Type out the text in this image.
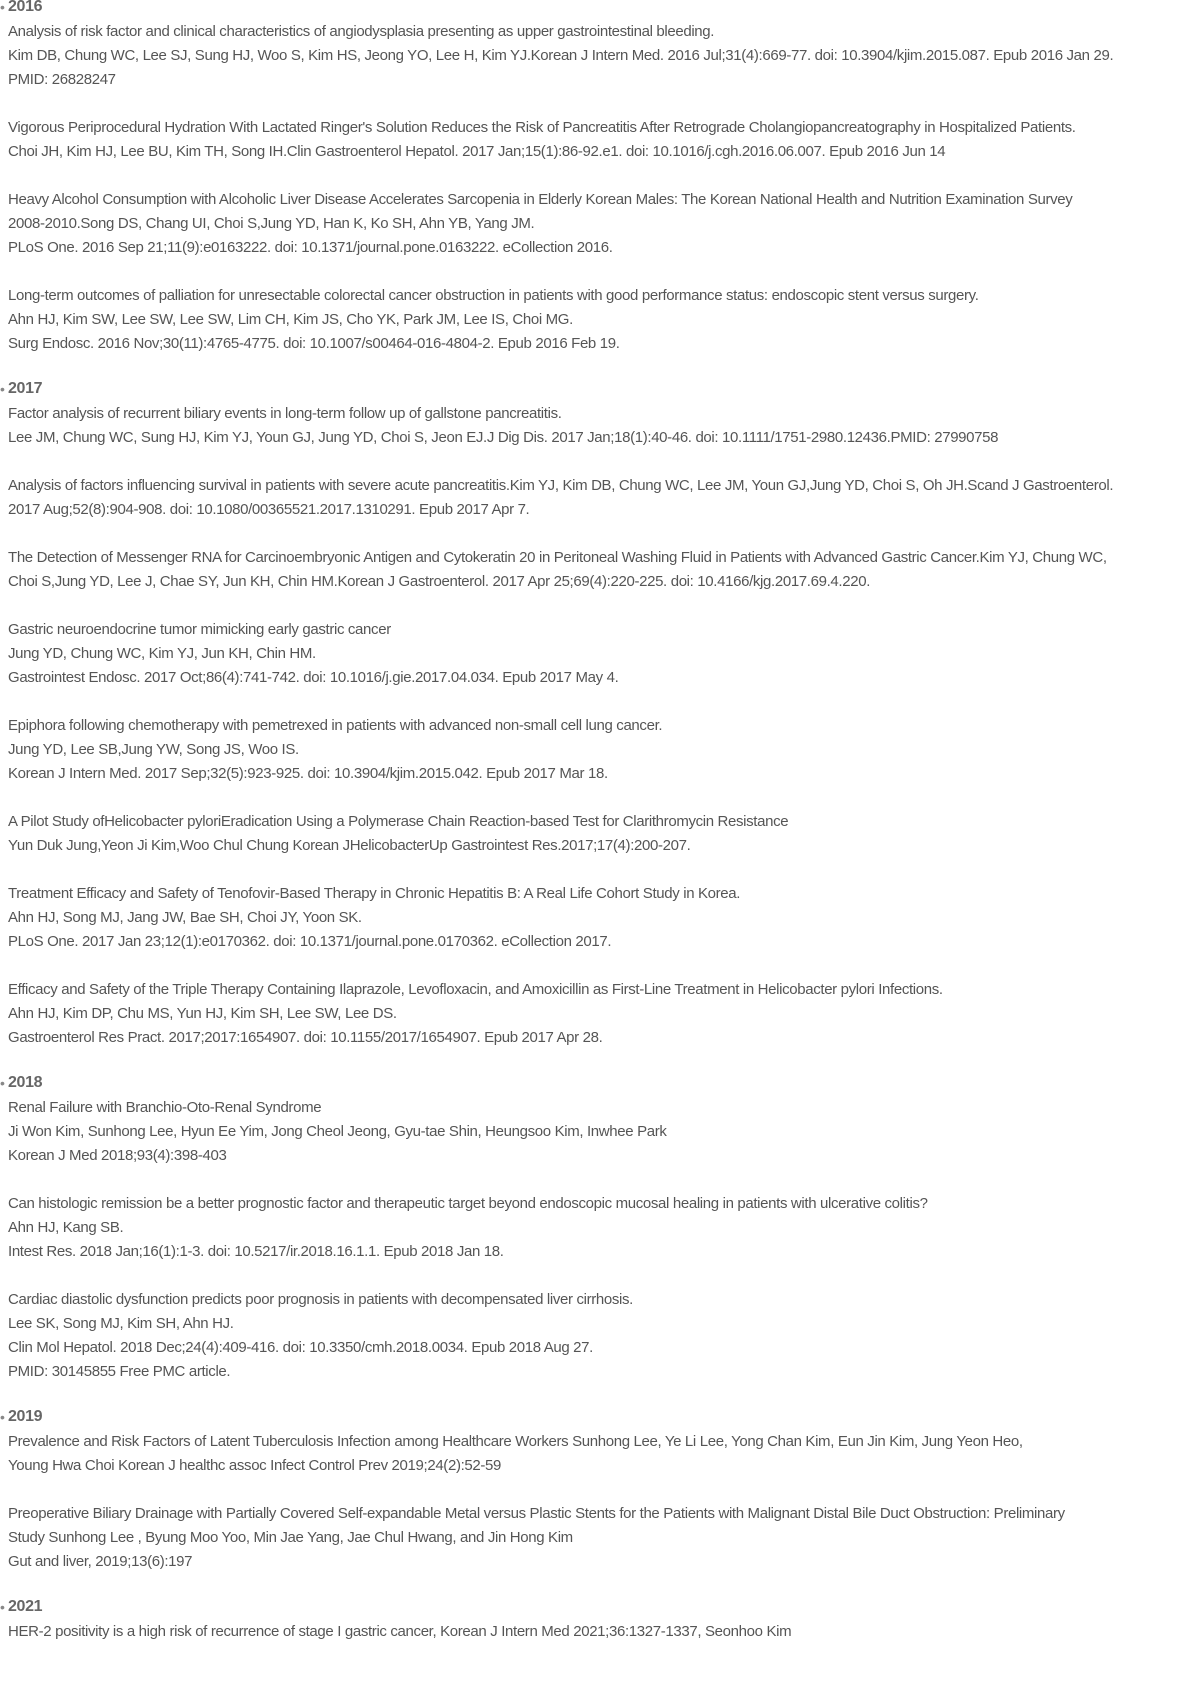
• 2016
Analysis of risk factor and clinical characteristics of angiodysplasia presenting as upper gastrointestinal bleeding.
Kim DB, Chung WC, Lee SJ, Sung HJ, Woo S, Kim HS, Jeong YO, Lee H, Kim YJ.Korean J Intern Med. 2016 Jul;31(4):669-77. doi: 10.3904/kjim.2015.087. Epub 2016 Jan 29.
PMID: 26828247
Vigorous Periprocedural Hydration With Lactated Ringer's Solution Reduces the Risk of Pancreatitis After Retrograde Cholangiopancreatography in Hospitalized Patients.
Choi JH, Kim HJ, Lee BU, Kim TH, Song IH.Clin Gastroenterol Hepatol. 2017 Jan;15(1):86-92.e1. doi: 10.1016/j.cgh.2016.06.007. Epub 2016 Jun 14
Heavy Alcohol Consumption with Alcoholic Liver Disease Accelerates Sarcopenia in Elderly Korean Males: The Korean National Health and Nutrition Examination Survey
2008-2010.Song DS, Chang UI, Choi S,Jung YD, Han K, Ko SH, Ahn YB, Yang JM.
PLoS One. 2016 Sep 21;11(9):e0163222. doi: 10.1371/journal.pone.0163222. eCollection 2016.
Long-term outcomes of palliation for unresectable colorectal cancer obstruction in patients with good performance status: endoscopic stent versus surgery.
Ahn HJ, Kim SW, Lee SW, Lee SW, Lim CH, Kim JS, Cho YK, Park JM, Lee IS, Choi MG.
Surg Endosc. 2016 Nov;30(11):4765-4775. doi: 10.1007/s00464-016-4804-2. Epub 2016 Feb 19.
• 2017
Factor analysis of recurrent biliary events in long-term follow up of gallstone pancreatitis.
Lee JM, Chung WC, Sung HJ, Kim YJ, Youn GJ, Jung YD, Choi S, Jeon EJ.J Dig Dis. 2017 Jan;18(1):40-46. doi: 10.1111/1751-2980.12436.PMID: 27990758
Analysis of factors influencing survival in patients with severe acute pancreatitis.Kim YJ, Kim DB, Chung WC, Lee JM, Youn GJ,Jung YD, Choi S, Oh JH.Scand J Gastroenterol.
2017 Aug;52(8):904-908. doi: 10.1080/00365521.2017.1310291. Epub 2017 Apr 7.
The Detection of Messenger RNA for Carcinoembryonic Antigen and Cytokeratin 20 in Peritoneal Washing Fluid in Patients with Advanced Gastric Cancer.Kim YJ, Chung WC,
Choi S,Jung YD, Lee J, Chae SY, Jun KH, Chin HM.Korean J Gastroenterol. 2017 Apr 25;69(4):220-225. doi: 10.4166/kjg.2017.69.4.220.
Gastric neuroendocrine tumor mimicking early gastric cancer
Jung YD, Chung WC, Kim YJ, Jun KH, Chin HM.
Gastrointest Endosc. 2017 Oct;86(4):741-742. doi: 10.1016/j.gie.2017.04.034. Epub 2017 May 4.
Epiphora following chemotherapy with pemetrexed in patients with advanced non-small cell lung cancer.
Jung YD, Lee SB,Jung YW, Song JS, Woo IS.
Korean J Intern Med. 2017 Sep;32(5):923-925. doi: 10.3904/kjim.2015.042. Epub 2017 Mar 18.
A Pilot Study ofHelicobacter pyloriEradication Using a Polymerase Chain Reaction-based Test for Clarithromycin Resistance
Yun Duk Jung,Yeon Ji Kim,Woo Chul Chung Korean JHelicobacterUp Gastrointest Res.2017;17(4):200-207.
Treatment Efficacy and Safety of Tenofovir-Based Therapy in Chronic Hepatitis B: A Real Life Cohort Study in Korea.
Ahn HJ, Song MJ, Jang JW, Bae SH, Choi JY, Yoon SK.
PLoS One. 2017 Jan 23;12(1):e0170362. doi: 10.1371/journal.pone.0170362. eCollection 2017.
Efficacy and Safety of the Triple Therapy Containing Ilaprazole, Levofloxacin, and Amoxicillin as First-Line Treatment in Helicobacter pylori Infections.
Ahn HJ, Kim DP, Chu MS, Yun HJ, Kim SH, Lee SW, Lee DS.
Gastroenterol Res Pract. 2017;2017:1654907. doi: 10.1155/2017/1654907. Epub 2017 Apr 28.
• 2018
Renal Failure with Branchio-Oto-Renal Syndrome
Ji Won Kim, Sunhong Lee, Hyun Ee Yim, Jong Cheol Jeong, Gyu-tae Shin, Heungsoo Kim, Inwhee Park
Korean J Med 2018;93(4):398-403
Can histologic remission be a better prognostic factor and therapeutic target beyond endoscopic mucosal healing in patients with ulcerative colitis?
Ahn HJ, Kang SB.
Intest Res. 2018 Jan;16(1):1-3. doi: 10.5217/ir.2018.16.1.1. Epub 2018 Jan 18.
Cardiac diastolic dysfunction predicts poor prognosis in patients with decompensated liver cirrhosis.
Lee SK, Song MJ, Kim SH, Ahn HJ.
Clin Mol Hepatol. 2018 Dec;24(4):409-416. doi: 10.3350/cmh.2018.0034. Epub 2018 Aug 27.
PMID: 30145855 Free PMC article.
• 2019
Prevalence and Risk Factors of Latent Tuberculosis Infection among Healthcare Workers Sunhong Lee, Ye Li Lee, Yong Chan Kim, Eun Jin Kim, Jung Yeon Heo,
Young Hwa Choi Korean J healthc assoc Infect Control Prev 2019;24(2):52-59
Preoperative Biliary Drainage with Partially Covered Self-expandable Metal versus Plastic Stents for the Patients with Malignant Distal Bile Duct Obstruction: Preliminary
Study Sunhong Lee , Byung Moo Yoo, Min Jae Yang, Jae Chul Hwang, and Jin Hong Kim
Gut and liver, 2019;13(6):197
• 2021
HER-2 positivity is a high risk of recurrence of stage I gastric cancer, Korean J Intern Med 2021;36:1327-1337, Seonhoo Kim
